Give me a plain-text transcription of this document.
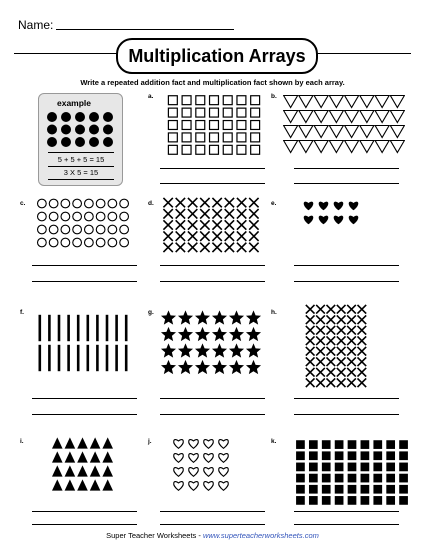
Name:
Multiplication Arrays
Write a repeated addition fact and multiplication fact shown by each array.
example
5 + 5 + 5 = 15
3 X 5 = 15
a.	b.
c.	d.	e.
f.	g.	h.
i.	j.	k.
Super Teacher Worksheets - www.superteacherworksheets.com
